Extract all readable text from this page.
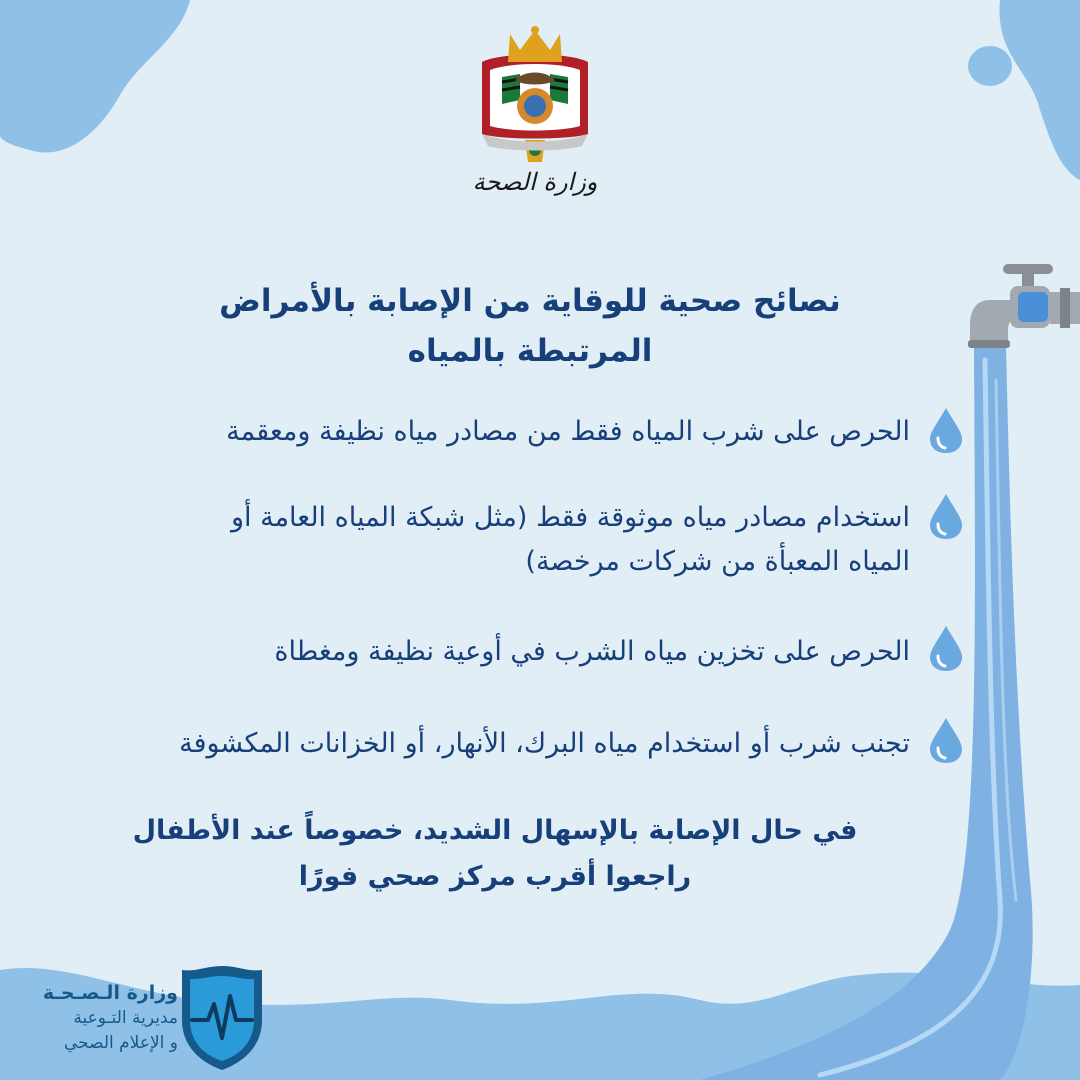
وزارة الصحة
نصائح صحية للوقاية من الإصابة بالأمراض
المرتبطة بالمياه
الحرص على شرب المياه فقط من مصادر مياه نظيفة ومعقمة
استخدام مصادر مياه موثوقة فقط (مثل شبكة المياه العامة أو
المياه المعبأة من شركات مرخصة)
الحرص على تخزين مياه الشرب في أوعية نظيفة ومغطاة
تجنب شرب أو استخدام مياه البرك، الأنهار، أو الخزانات المكشوفة
في حال الإصابة بالإسهال الشديد، خصوصاً عند الأطفال
راجعوا أقرب مركز صحي فورًا
وزارة الـصـحـة
مديرية التـوعية
و الإعلام الصحي
